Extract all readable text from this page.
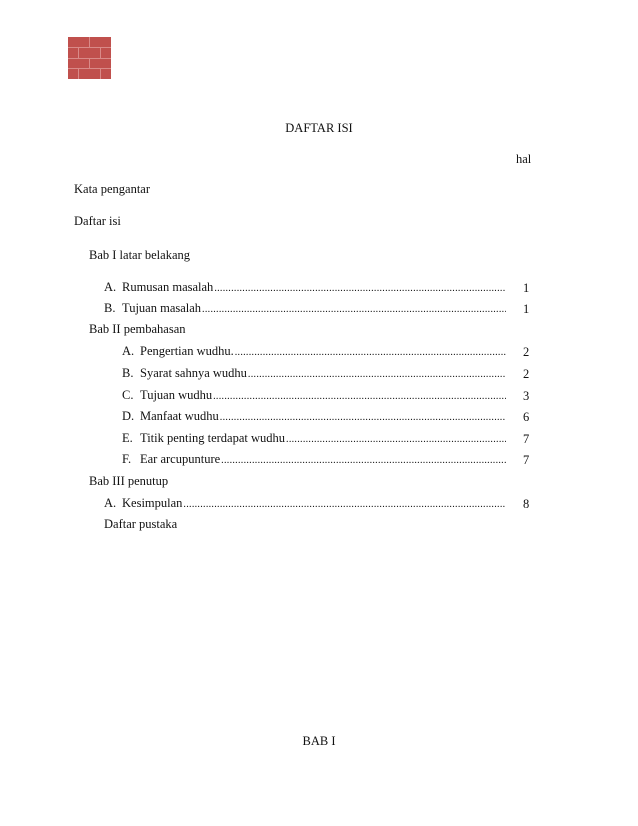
DAFTAR ISI
hal
Kata pengantar
Daftar isi
Bab I latar belakang
A. Rumusan masalah .....	1
B. Tujuan masalah .....	1
Bab II pembahasan
A. Pengertian wudhu. .....	2
B. Syarat sahnya wudhu .....	2
C. Tujuan wudhu .....	3
D. Manfaat wudhu .....	6
E. Titik penting terdapat wudhu .....	7
F. Ear arcupunture .....	7
Bab III penutup
A. Kesimpulan .....	8
Daftar pustaka
BAB I
